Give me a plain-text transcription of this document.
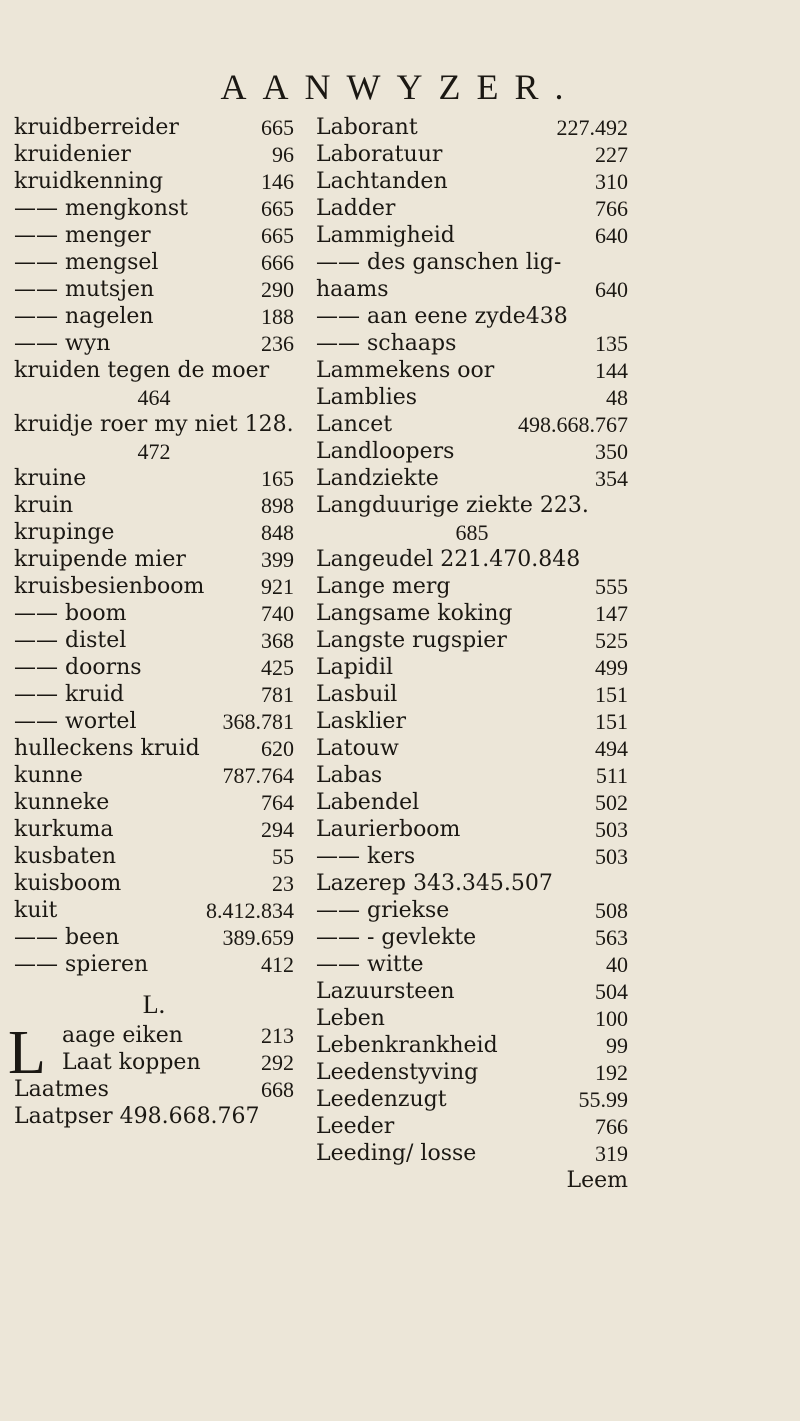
AANWYZER.
kruidberreider	665
kruidenier	96
kruidkenning	146
—— mengkonst	665
—— menger	665
—— mengsel	666
—— mutsjen	290
—— nagelen	188
—— wyn	236
kruiden tegen de moer
464
kruidje roer my niet 128.
472
kruine	165
kruin	898
krupinge	848
kruipende mier	399
kruisbesienboom	921
—— boom	740
—— distel	368
—— doorns	425
—— kruid	781
—— wortel	368.781
hulleckens kruid	620
kunne	787.764
kunneke	764
kurkuma	294
kusbaten	55
kuisboom	23
kuit	8.412.834
—— been	389.659
—— spieren	412
L.
L aage eiken	213
Laat koppen	292
Laatmes	668
Laatpser 498.668.767
Laborant	227.492
Laboratuur	227
Lachtanden	310
Ladder	766
Lammigheid	640
—— des ganschen lig-
haams	640
—— aan eene zyde438
—— schaaps	135
Lammekens oor	144
Lamblies	48
Lancet	498.668.767
Landloopers	350
Landziekte	354
Langduurige ziekte 223.
685
Langeudel 221.470.848
Lange merg	555
Langsame koking	147
Langste rugspier	525
Lapidil	499
Lasbuil	151
Lasklier	151
Latouw	494
Labas	511
Labendel	502
Laurierboom	503
—— kers	503
Lazerep 343.345.507
—— griekse	508
—— - gevlekte	563
—— witte	40
Lazuursteen	504
Leben	100
Lebenkrankheid	99
Leedenstyving	192
Leedenzugt	55.99
Leeder	766
Leeding/ losse	319
Leem
